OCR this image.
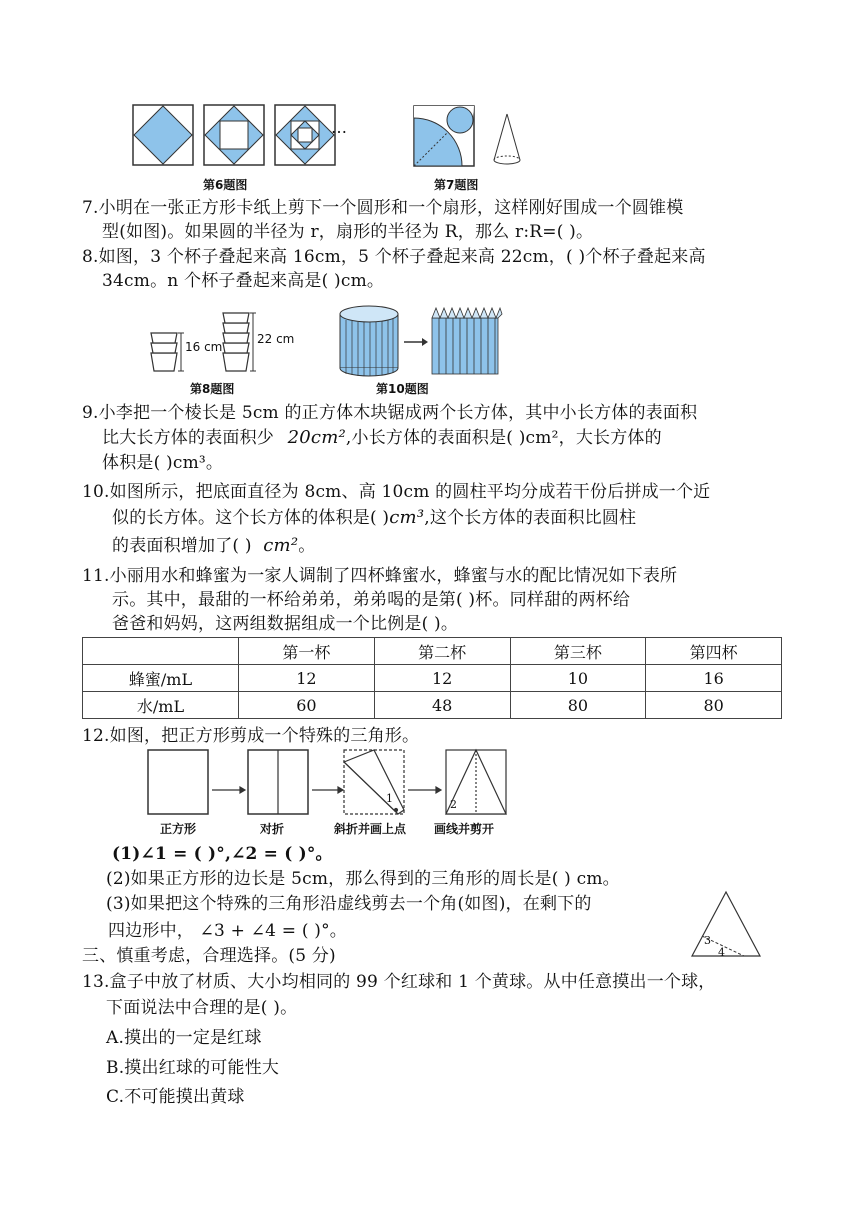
…
第6题图	第7题图
7.小明在一张正方形卡纸上剪下一个圆形和一个扇形，这样刚好围成一个圆锥模
型(如图)。如果圆的半径为 r，扇形的半径为 R，那么 r:R=( )。
8.如图，3 个杯子叠起来高 16cm，5 个杯子叠起来高 22cm，( )个杯子叠起来高
34cm。n 个杯子叠起来高是( )cm。
16 cm
22 cm
第8题图	第10题图
9.小李把一个棱长是 5cm 的正方体木块锯成两个长方体，其中小长方体的表面积
比大长方体的表面积少 20cm²,小长方体的表面积是( )cm²，大长方体的
体积是( )cm³。
10.如图所示，把底面直径为 8cm、高 10cm 的圆柱平均分成若干份后拼成一个近
似的长方体。这个长方体的体积是( )cm³,这个长方体的表面积比圆柱
的表面积增加了( ) cm²。
11.小丽用水和蜂蜜为一家人调制了四杯蜂蜜水，蜂蜜与水的配比情况如下表所
示。其中，最甜的一杯给弟弟，弟弟喝的是第( )杯。同样甜的两杯给
爸爸和妈妈，这两组数据组成一个比例是( )。
	第一杯	第二杯	第三杯	第四杯
蜂蜜/mL	12	12	10	16
水/mL	60	48	80	80
12.如图，把正方形剪成一个特殊的三角形。
1	2
正方形	对折	斜折并画上点 画线并剪开
(1)∠1 = ( )°,∠2 = ( )°。
(2)如果正方形的边长是 5cm，那么得到的三角形的周长是( ) cm。
(3)如果把这个特殊的三角形沿虚线剪去一个角(如图)，在剩下的
四边形中， ∠3 + ∠4 = ( )°。	3
4
三、慎重考虑，合理选择。(5 分)
13.盒子中放了材质、大小均相同的 99 个红球和 1 个黄球。从中任意摸出一个球，
下面说法中合理的是( )。
A.摸出的一定是红球
B.摸出红球的可能性大
C.不可能摸出黄球
